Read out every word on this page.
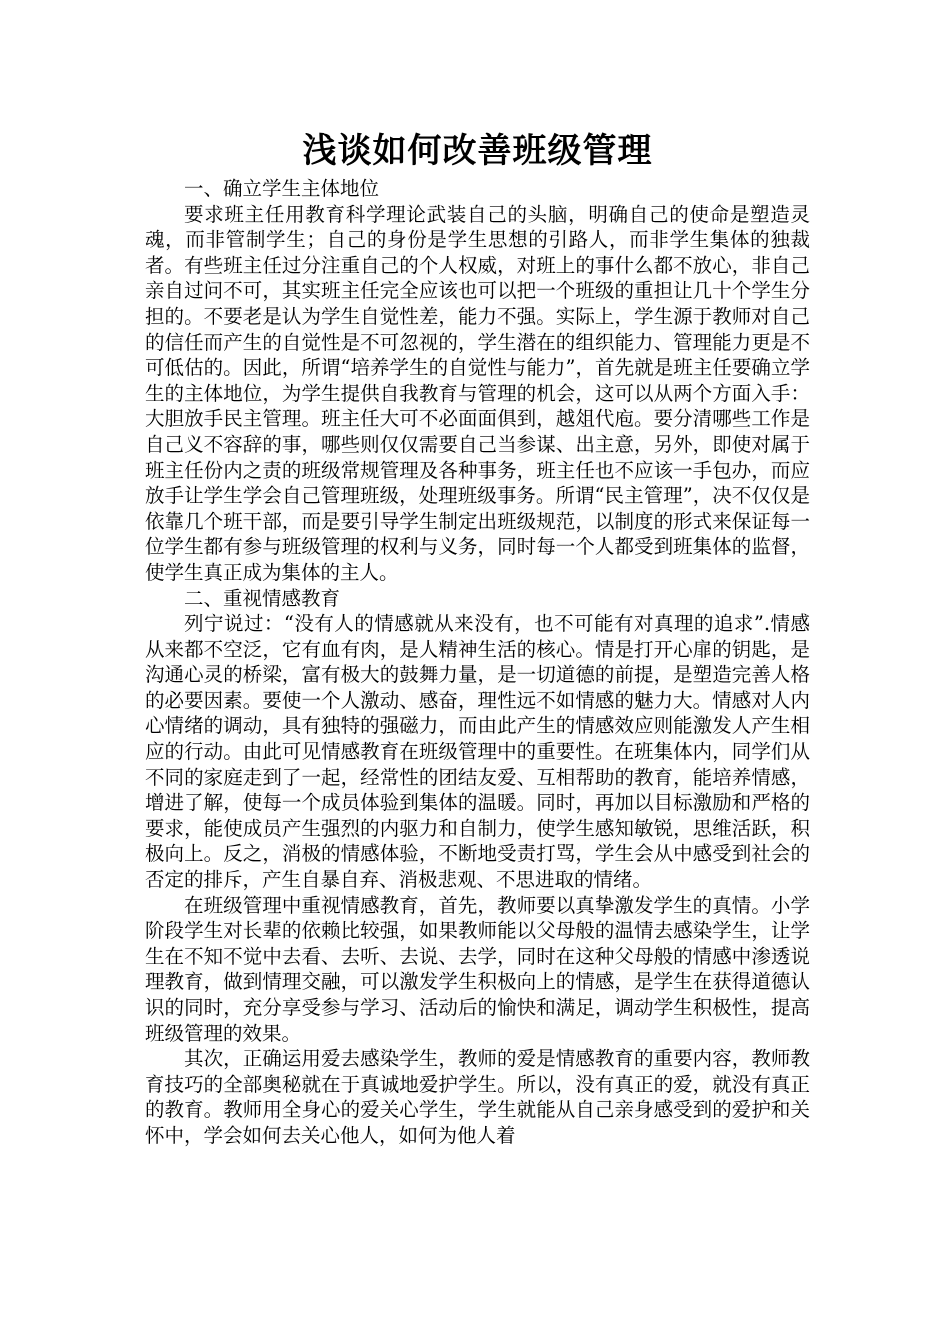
浅谈如何改善班级管理

一、确立学生主体地位

要求班主任用教育科学理论武装自己的头脑，明确自己的使命是塑造灵魂，而非管制学生；自己的身份是学生思想的引路人，而非学生集体的独裁者。有些班主任过分注重自己的个人权威，对班上的事什么都不放心，非自己亲自过问不可，其实班主任完全应该也可以把一个班级的重担让几十个学生分担的。不要老是认为学生自觉性差，能力不强。实际上，学生源于教师对自己的信任而产生的自觉性是不可忽视的，学生潜在的组织能力、管理能力更是不可低估的。因此，所谓“培养学生的自觉性与能力”，首先就是班主任要确立学生的主体地位，为学生提供自我教育与管理的机会，这可以从两个方面入手：大胆放手民主管理。班主任大可不必面面俱到，越俎代庖。要分清哪些工作是自己义不容辞的事，哪些则仅仅需要自己当参谋、出主意，另外，即使对属于班主任份内之责的班级常规管理及各种事务，班主任也不应该一手包办，而应放手让学生学会自己管理班级，处理班级事务。所谓“民主管理”，决不仅仅是依靠几个班干部，而是要引导学生制定出班级规范，以制度的形式来保证每一位学生都有参与班级管理的权利与义务，同时每一个人都受到班集体的监督，使学生真正成为集体的主人。

二、重视情感教育

列宁说过：“没有人的情感就从来没有，也不可能有对真理的追求”.情感从来都不空泛，它有血有肉，是人精神生活的核心。情是打开心扉的钥匙，是沟通心灵的桥梁，富有极大的鼓舞力量，是一切道德的前提，是塑造完善人格的必要因素。要使一个人激动、感奋，理性远不如情感的魅力大。情感对人内心情绪的调动，具有独特的强磁力，而由此产生的情感效应则能激发人产生相应的行动。由此可见情感教育在班级管理中的重要性。在班集体内，同学们从不同的家庭走到了一起，经常性的团结友爱、互相帮助的教育，能培养情感，增进了解，使每一个成员体验到集体的温暖。同时，再加以目标激励和严格的要求，能使成员产生强烈的内驱力和自制力，使学生感知敏锐，思维活跃，积极向上。反之，消极的情感体验，不断地受责打骂，学生会从中感受到社会的否定的排斥，产生自暴自弃、消极悲观、不思进取的情绪。

在班级管理中重视情感教育，首先，教师要以真挚激发学生的真情。小学阶段学生对长辈的依赖比较强，如果教师能以父母般的温情去感染学生，让学生在不知不觉中去看、去听、去说、去学，同时在这种父母般的情感中渗透说理教育，做到情理交融，可以激发学生积极向上的情感，是学生在获得道德认识的同时，充分享受参与学习、活动后的愉快和满足，调动学生积极性，提高班级管理的效果。

其次，正确运用爱去感染学生，教师的爱是情感教育的重要内容，教师教育技巧的全部奥秘就在于真诚地爱护学生。所以，没有真正的爱，就没有真正的教育。教师用全身心的爱关心学生，学生就能从自己亲身感受到的爱护和关怀中，学会如何去关心他人，如何为他人着
